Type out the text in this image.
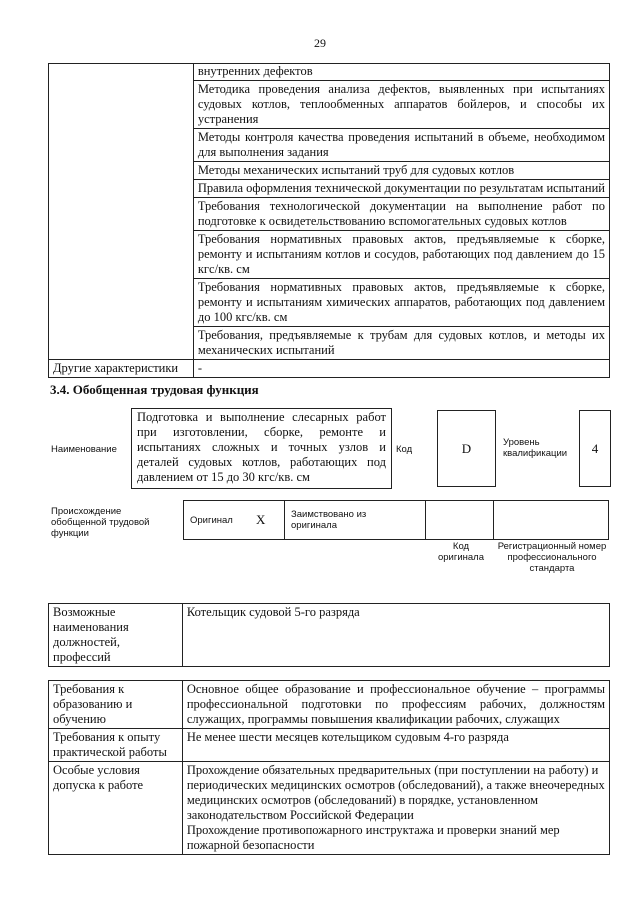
29
	внутренних дефектов
	Методика проведения анализа дефектов, выявленных при испытаниях судовых котлов, теплообменных аппаратов бойлеров, и способы их устранения
	Методы контроля качества проведения испытаний в объеме, необходимом для выполнения задания
	Методы механических испытаний труб для судовых котлов
	Правила оформления технической документации по результатам испытаний
	Требования технологической документации на выполнение работ по подготовке к освидетельствованию вспомогательных судовых котлов
	Требования нормативных правовых актов, предъявляемые к сборке, ремонту и испытаниям котлов и сосудов, работающих под давлением до 15 кгс/кв. см
	Требования нормативных правовых актов, предъявляемые к сборке, ремонту и испытаниям химических аппаратов, работающих под давлением до 100 кгс/кв. см
	Требования, предъявляемые к трубам для судовых котлов, и методы их механических испытаний
Другие характеристики	-
3.4. Обобщенная трудовая функция
Наименование
Подготовка и выполнение слесарных работ при изготовлении, сборке, ремонте и испытаниях сложных и точных узлов и деталей судовых котлов, работающих под давлением от 15 до 30 кгс/кв. см
Код	D	Уровень квалификации	4
Происхождение обобщенной трудовой функции
Оригинал X	Заимствовано из оригинала
Код оригинала
Регистрационный номер профессионального стандарта
Возможные наименования должностей, профессий	Котельщик судовой 5-го разряда
Требования к образованию и обучению	Основное общее образование и профессиональное обучение – программы профессиональной подготовки по профессиям рабочих, должностям служащих, программы повышения квалификации рабочих, служащих
Требования к опыту практической работы	Не менее шести месяцев котельщиком судовым 4-го разряда
Особые условия допуска к работе	Прохождение обязательных предварительных (при поступлении на работу) и периодических медицинских осмотров (обследований), а также внеочередных медицинских осмотров (обследований) в порядке, установленном законодательством Российской Федерации
Прохождение противопожарного инструктажа и проверки знаний мер пожарной безопасности
